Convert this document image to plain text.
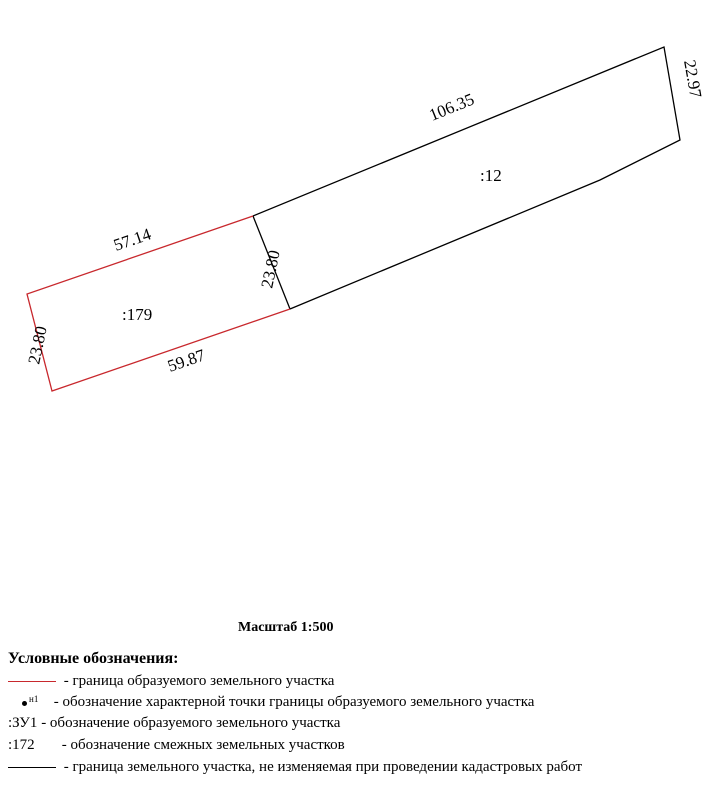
106.35
22.97
:12
57.14
23.80
59.87
23.80
:179
Масштаб 1:500
Условные обозначения:
- граница образуемого земельного участка
н1 - обозначение характерной точки границы образуемого земельного участка
:ЗУ1 - обозначение образуемого земельного участка
:172 - обозначение смежных земельных участков
- граница земельного участка, не изменяемая при проведении кадастровых работ
